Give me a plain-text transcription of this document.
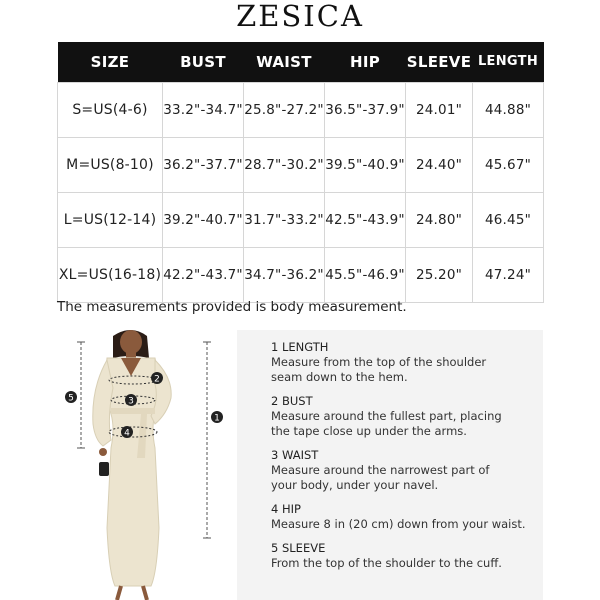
ZESICA
SIZE	BUST	WAIST	HIP	SLEEVE	LENGTH
S=US(4-6)	33.2"-34.7"	25.8"-27.2"	36.5"-37.9"	24.01"	44.88"
M=US(8-10)	36.2"-37.7"	28.7"-30.2"	39.5"-40.9"	24.40"	45.67"
L=US(12-14)	39.2"-40.7"	31.7"-33.2"	42.5"-43.9"	24.80"	46.45"
XL=US(16-18)	42.2"-43.7"	34.7"-36.2"	45.5"-46.9"	25.20"	47.24"
The measurements provided is body measurement.
1
2
3
4
5
1 LENGTH
Measure from the top of the shoulder
seam down to the hem.
2 BUST
Measure around the fullest part, placing
the tape close up under the arms.
3 WAIST
Measure around the narrowest part of
your body, under your navel.
4 HIP
Measure 8 in (20 cm) down from your waist.
5 SLEEVE
From the top of the shoulder to the cuff.
